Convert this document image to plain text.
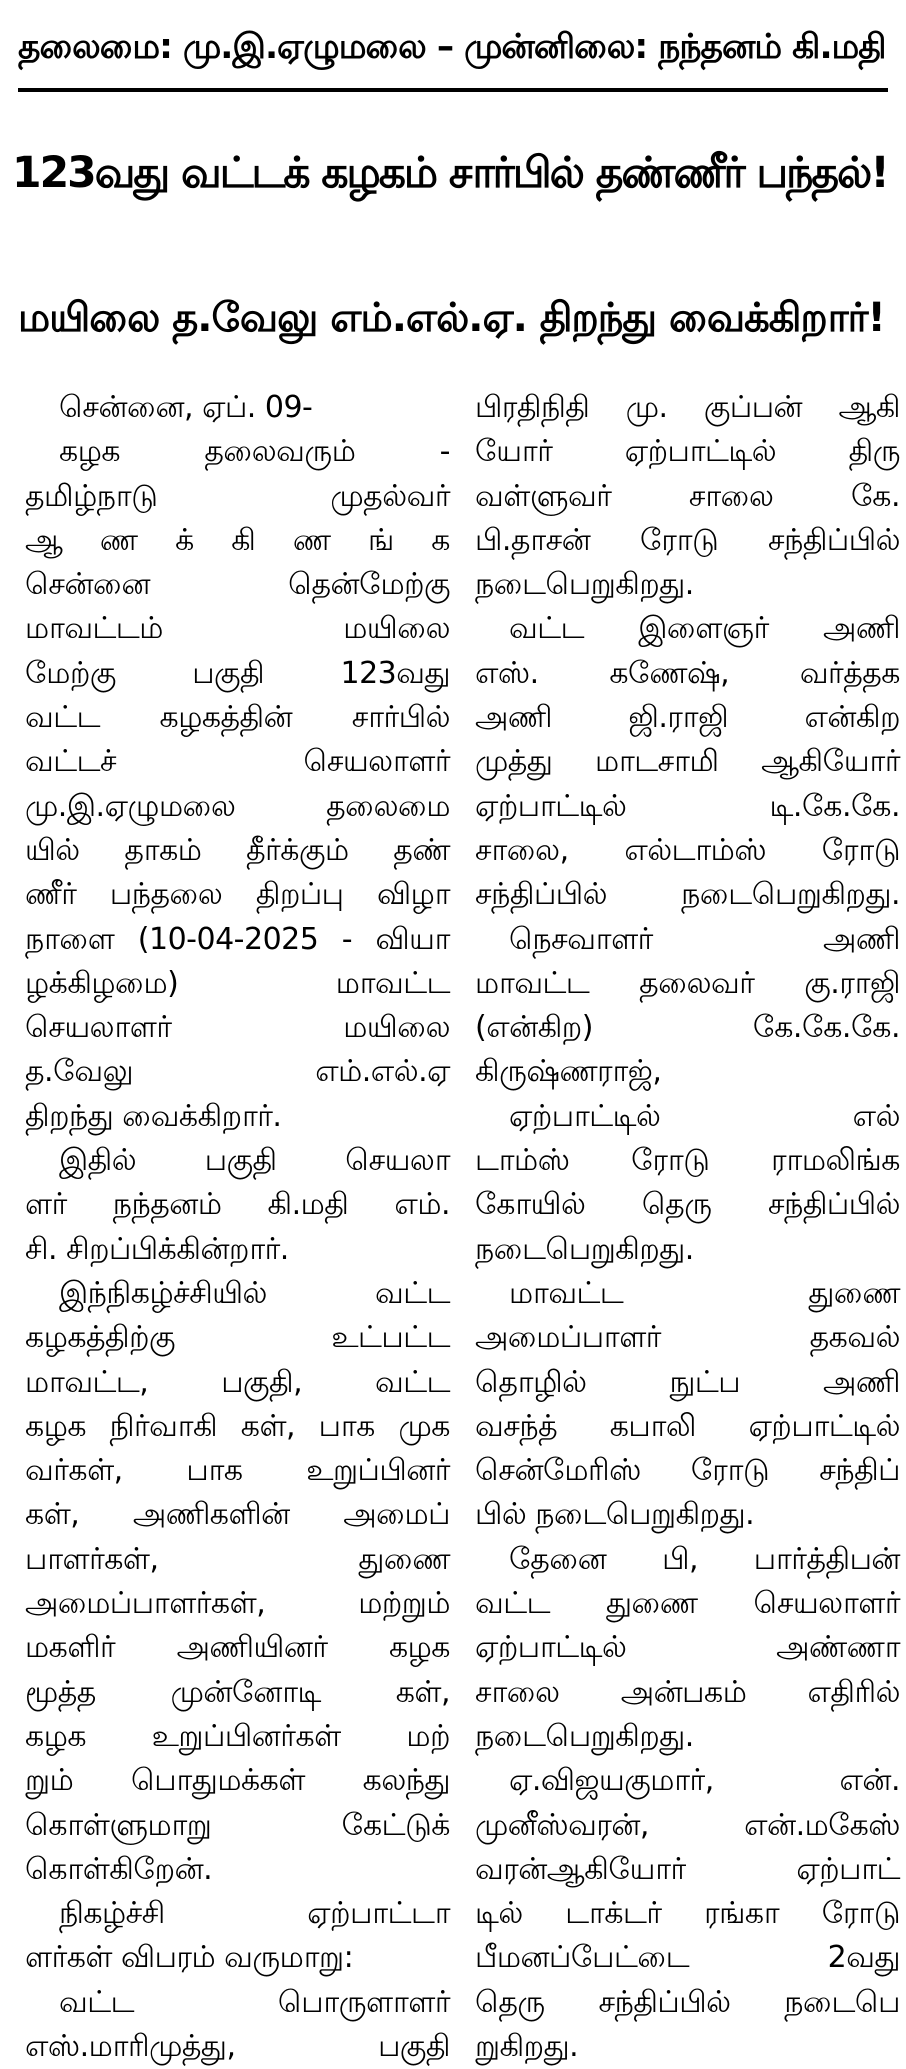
தலைமை: மு.இ.ஏழுமலை – முன்னிலை: நந்தனம் கி.மதி
123வது வட்டக் கழகம் சார்பில் தண்ணீர் பந்தல்!
மயிலை த.வேலு எம்.எல்.ஏ. திறந்து வைக்கிறார்!
சென்னை, ஏப். 09-
கழக தலைவரும் -
தமிழ்நாடு முதல்வர்
ஆ ண க் கி ண ங் க
சென்னை தென்மேற்கு
மாவட்டம் மயிலை
மேற்கு பகுதி 123வது
வட்ட கழகத்தின் சார்பில்
வட்டச் செயலாளர்
மு.இ.ஏழுமலை தலைமை
யில் தாகம் தீர்க்கும் தண்
ணீர் பந்தலை திறப்பு விழா
நாளை (10-04-2025 - வியா
ழக்கிழமை) மாவட்ட
செயலாளர் மயிலை
த.வேலு எம்.எல்.ஏ
திறந்து வைக்கிறார்.
இதில் பகுதி செயலா
ளர் நந்தனம் கி.மதி எம்.
சி. சிறப்பிக்கின்றார்.
இந்நிகழ்ச்சியில் வட்ட
கழகத்திற்கு உட்பட்ட
மாவட்ட, பகுதி, வட்ட
கழக நிர்வாகி கள், பாக முக
வர்கள், பாக உறுப்பினர்
கள், அணிகளின் அமைப்
பாளர்கள், துணை
அமைப்பாளர்கள், மற்றும்
மகளிர் அணியினர் கழக
மூத்த முன்னோடி கள்,
கழக உறுப்பினர்கள் மற்
றும் பொதுமக்கள் கலந்து
கொள்ளுமாறு கேட்டுக்
கொள்கிறேன்.
நிகழ்ச்சி ஏற்பாட்டா
ளர்கள் விபரம் வருமாறு:
வட்ட பொருளாளர்
எஸ்.மாரிமுத்து, பகுதி
பிரதிநிதி மு. குப்பன் ஆகி
யோர் ஏற்பாட்டில் திரு
வள்ளுவர் சாலை கே.
பி.தாசன் ரோடு சந்திப்பில்
நடைபெறுகிறது.
வட்ட இளைஞர் அணி
எஸ். கணேஷ், வர்த்தக
அணி ஜி.ராஜி என்கிற
முத்து மாடசாமி ஆகியோர்
ஏற்பாட்டில் டி.கே.கே.
சாலை, எல்டாம்ஸ் ரோடு
சந்திப்பில் நடைபெறுகிறது.
நெசவாளர் அணி
மாவட்ட தலைவர் கு.ராஜி
(என்கிற) கே.கே.கே.
கிருஷ்ணராஜ்,
ஏற்பாட்டில் எல்
டாம்ஸ் ரோடு ராமலிங்க
கோயில் தெரு சந்திப்பில்
நடைபெறுகிறது.
மாவட்ட துணை
அமைப்பாளர் தகவல்
தொழில் நுட்ப அணி
வசந்த் கபாலி ஏற்பாட்டில்
சென்மேரிஸ் ரோடு சந்திப்
பில் நடைபெறுகிறது.
தேனை பி, பார்த்திபன்
வட்ட துணை செயலாளர்
ஏற்பாட்டில் அண்ணா
சாலை அன்பகம் எதிரில்
நடைபெறுகிறது.
ஏ.விஜயகுமார், என்.
முனீஸ்வரன், என்.மகேஸ்
வரன்ஆகியோர் ஏற்பாட்
டில் டாக்டர் ரங்கா ரோடு
பீமனப்பேட்டை 2வது
தெரு சந்திப்பில் நடைபெ
றுகிறது.
